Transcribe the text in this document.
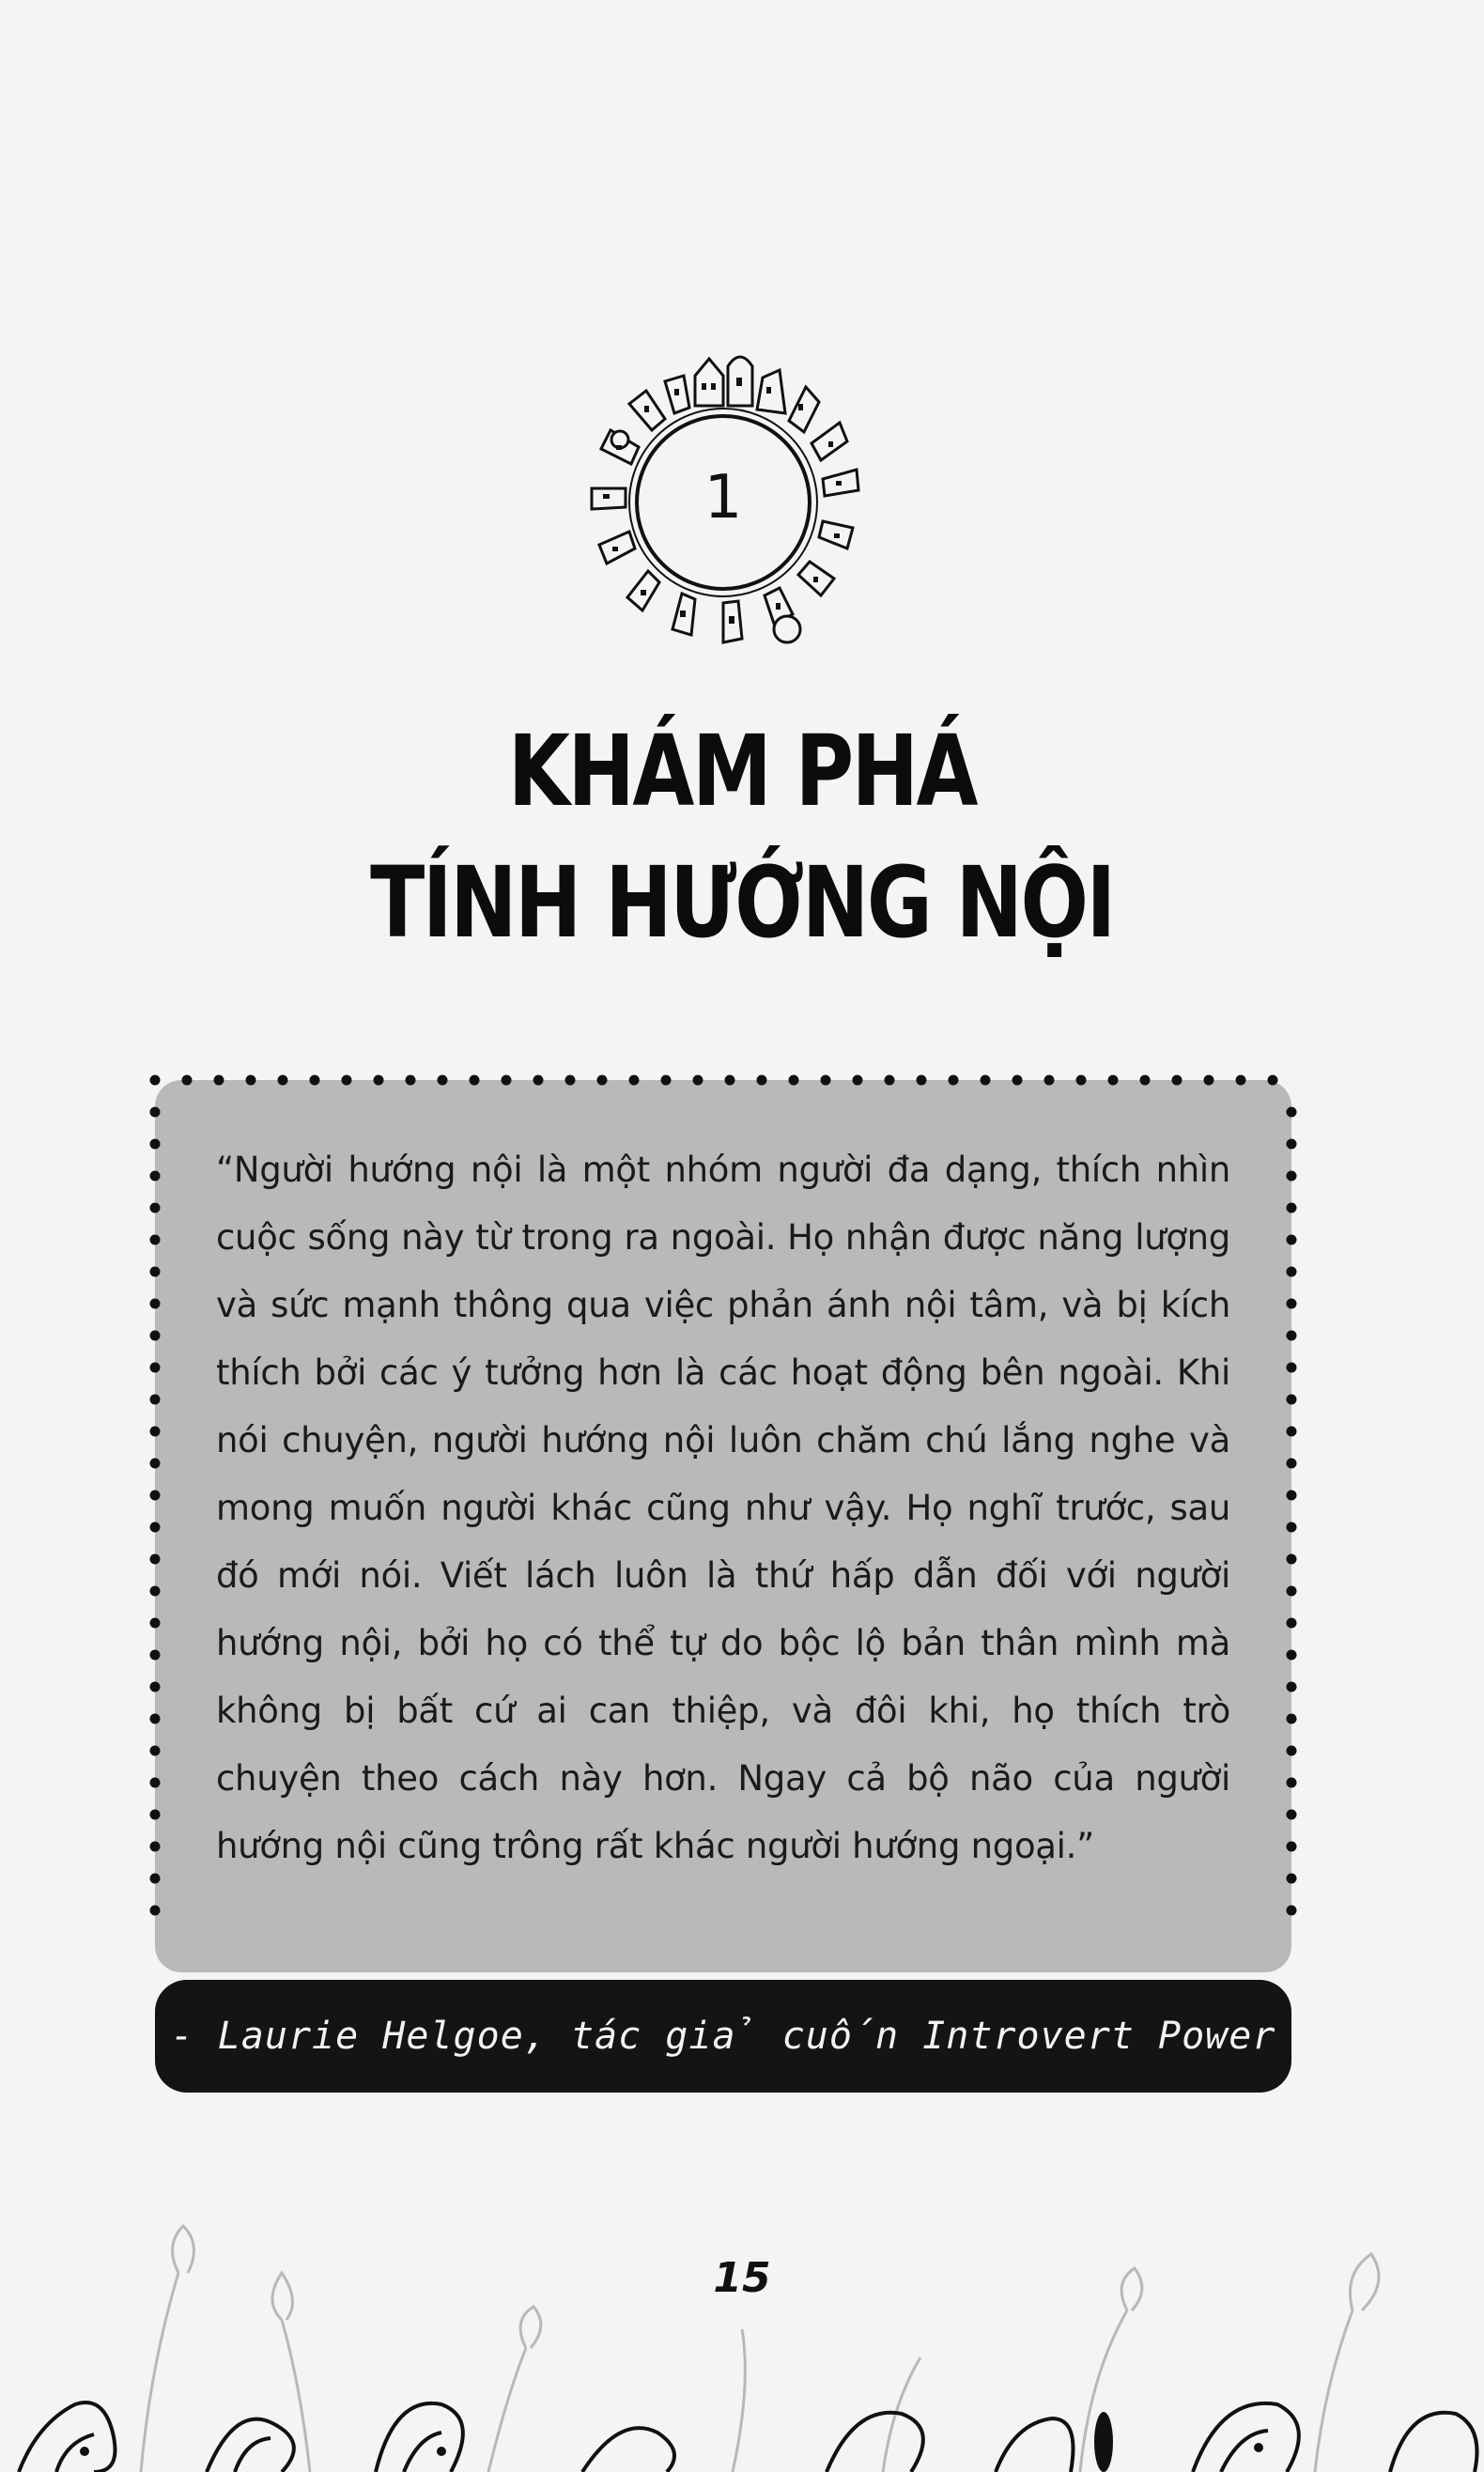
1
KHÁM PHÁ
TÍNH HƯỚNG NỘI
“Người hướng nội là một nhóm người đa dạng, thích nhìn cuộc sống này từ trong ra ngoài. Họ nhận được năng lượng và sức mạnh thông qua việc phản ánh nội tâm, và bị kích thích bởi các ý tưởng hơn là các hoạt động bên ngoài. Khi nói chuyện, người hướng nội luôn chăm chú lắng nghe và mong muốn người khác cũng như vậy. Họ nghĩ trước, sau đó mới nói. Viết lách luôn là thứ hấp dẫn đối với người hướng nội, bởi họ có thể tự do bộc lộ bản thân mình mà không bị bất cứ ai can thiệp, và đôi khi, họ thích trò chuyện theo cách này hơn. Ngay cả bộ não của người hướng nội cũng trông rất khác người hướng ngoại.”
- Laurie Helgoe, tác giả cuốn Introvert Power
15
